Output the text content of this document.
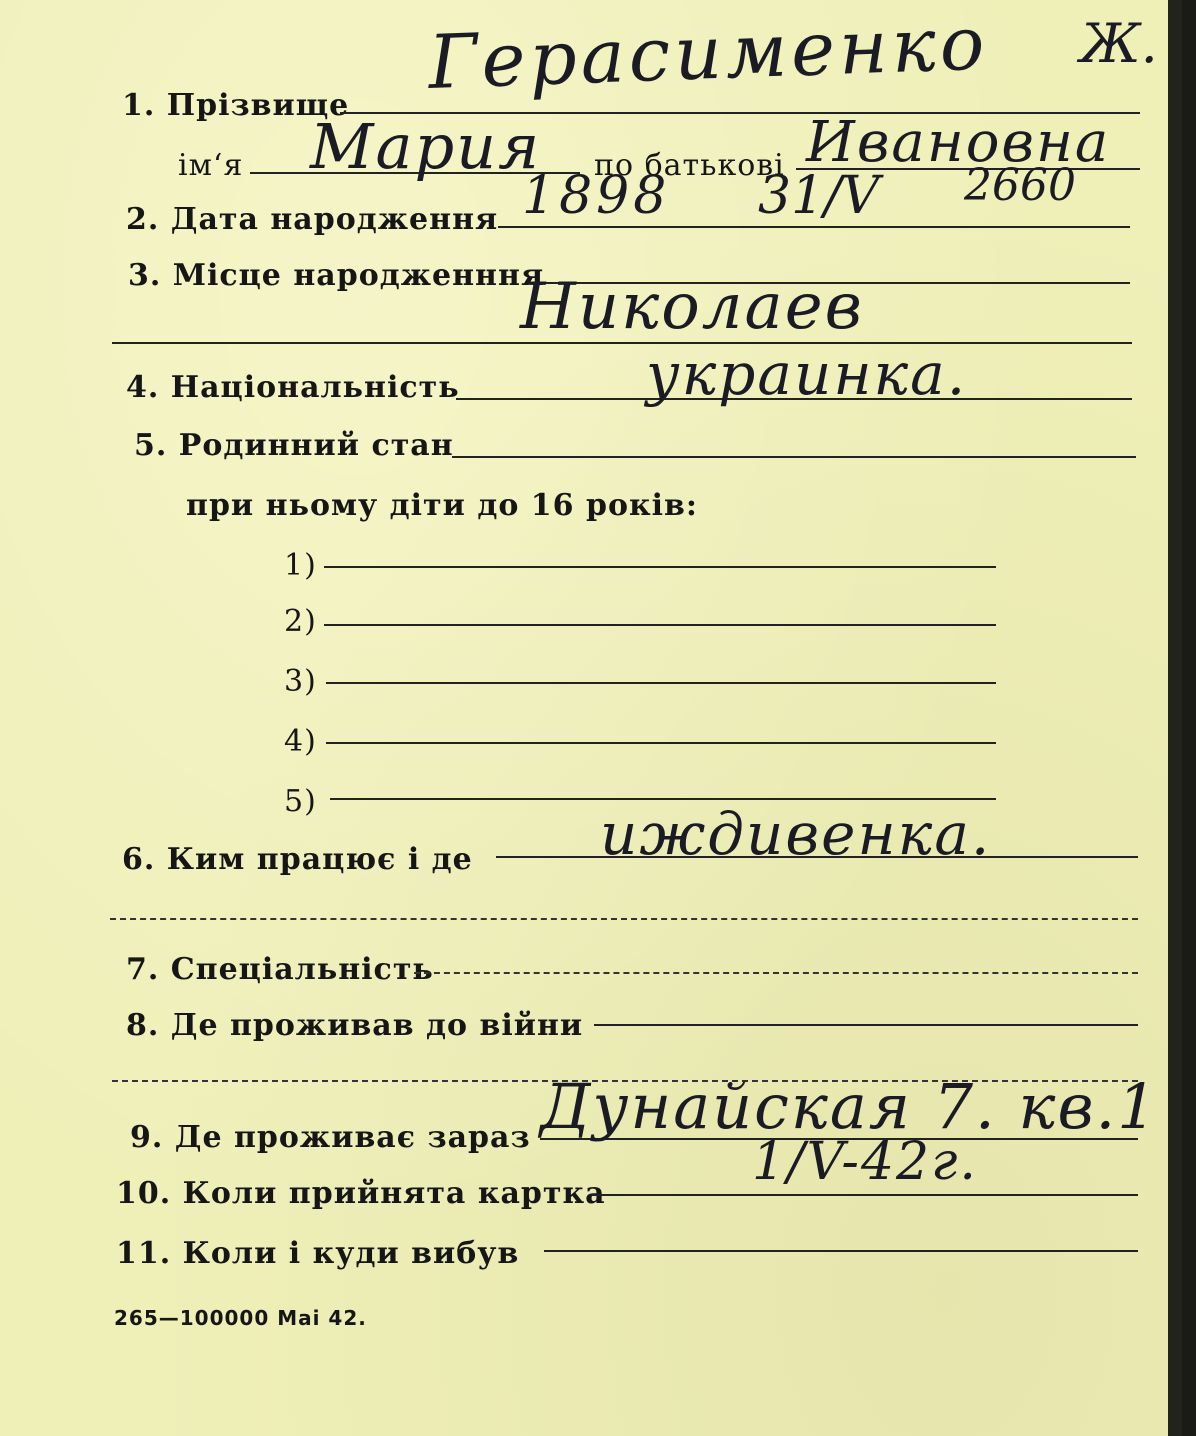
1. Прізвище Герасименко Ж.
ім‘я Мария по батькові Ивановна
2. Дата народження 1898 31/V 2660
3. Місце народженння
Николаев
4. Національність	украинка.
5. Родинний стан
при ньому діти до 16 років:
1)
2)
3)
4)
5)
6. Ким працює і де иждивенка.
7. Спеціальність
8. Де проживав до війни
9. Де проживає зараз Дунайская 7. кв.1
10. Коли прийнята картка
1/V-42г.
11. Коли і куди вибув
265—100000 Mai 42.
